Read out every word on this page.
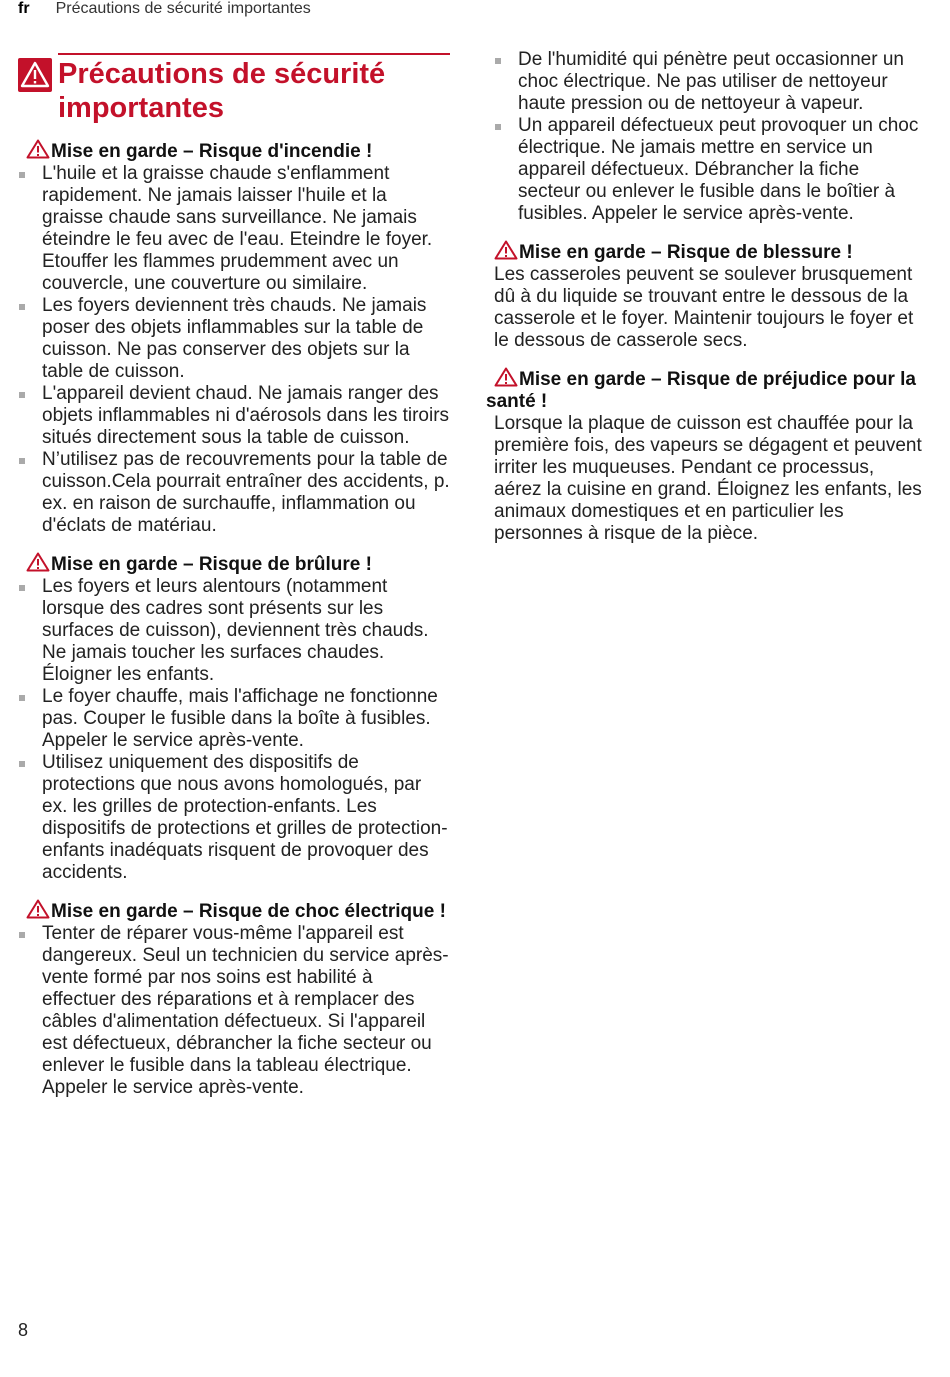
fr Précautions de sécurité importantes
Précautions de sécurité importantes

Mise en garde – Risque d'incendie !

L'huile et la graisse chaude s'enflamment rapidement. Ne jamais laisser l'huile et la graisse chaude sans surveillance. Ne jamais éteindre le feu avec de l'eau. Eteindre le foyer. Etouffer les flammes prudemment avec un couvercle, une couverture ou similaire.
Les foyers deviennent très chauds. Ne jamais poser des objets inflammables sur la table de cuisson. Ne pas conserver des objets sur la table de cuisson.
L'appareil devient chaud. Ne jamais ranger des objets inflammables ni d'aérosols dans les tiroirs situés directement sous la table de cuisson.
N’utilisez pas de recouvrements pour la table de cuisson.Cela pourrait entraîner des accidents, p. ex. en raison de surchauffe, inflammation ou d'éclats de matériau.

Mise en garde – Risque de brûlure !

Les foyers et leurs alentours (notamment lorsque des cadres sont présents sur les surfaces de cuisson), deviennent très chauds. Ne jamais toucher les surfaces chaudes. Éloigner les enfants.
Le foyer chauffe, mais l'affichage ne fonctionne pas. Couper le fusible dans la boîte à fusibles. Appeler le service après-vente.
Utilisez uniquement des dispositifs de protections que nous avons homologués, par ex. les grilles de protection-enfants. Les dispositifs de protections et grilles de protection-enfants inadéquats risquent de provoquer des accidents.

Mise en garde – Risque de choc électrique !

Tenter de réparer vous-même l'appareil est dangereux. Seul un technicien du service après-vente formé par nos soins est habilité à effectuer des réparations et à remplacer des câbles d'alimentation défectueux. Si l'appareil est défectueux, débrancher la fiche secteur ou enlever le fusible dans la tableau électrique. Appeler le service après-vente.
De l'humidité qui pénètre peut occasionner un choc électrique. Ne pas utiliser de nettoyeur haute pression ou de nettoyeur à vapeur.
Un appareil défectueux peut provoquer un choc électrique. Ne jamais mettre en service un appareil défectueux. Débrancher la fiche secteur ou enlever le fusible dans le boîtier à fusibles. Appeler le service après-vente.

Mise en garde – Risque de blessure !

Les casseroles peuvent se soulever brusquement dû à du liquide se trouvant entre le dessous de la casserole et le foyer. Maintenir toujours le foyer et le dessous de casserole secs.

Mise en garde – Risque de préjudice pour la santé !

Lorsque la plaque de cuisson est chauffée pour la première fois, des vapeurs se dégagent et peuvent irriter les muqueuses. Pendant ce processus, aérez la cuisine en grand. Éloignez les enfants, les animaux domestiques et en particulier les personnes à risque de la pièce.

8
